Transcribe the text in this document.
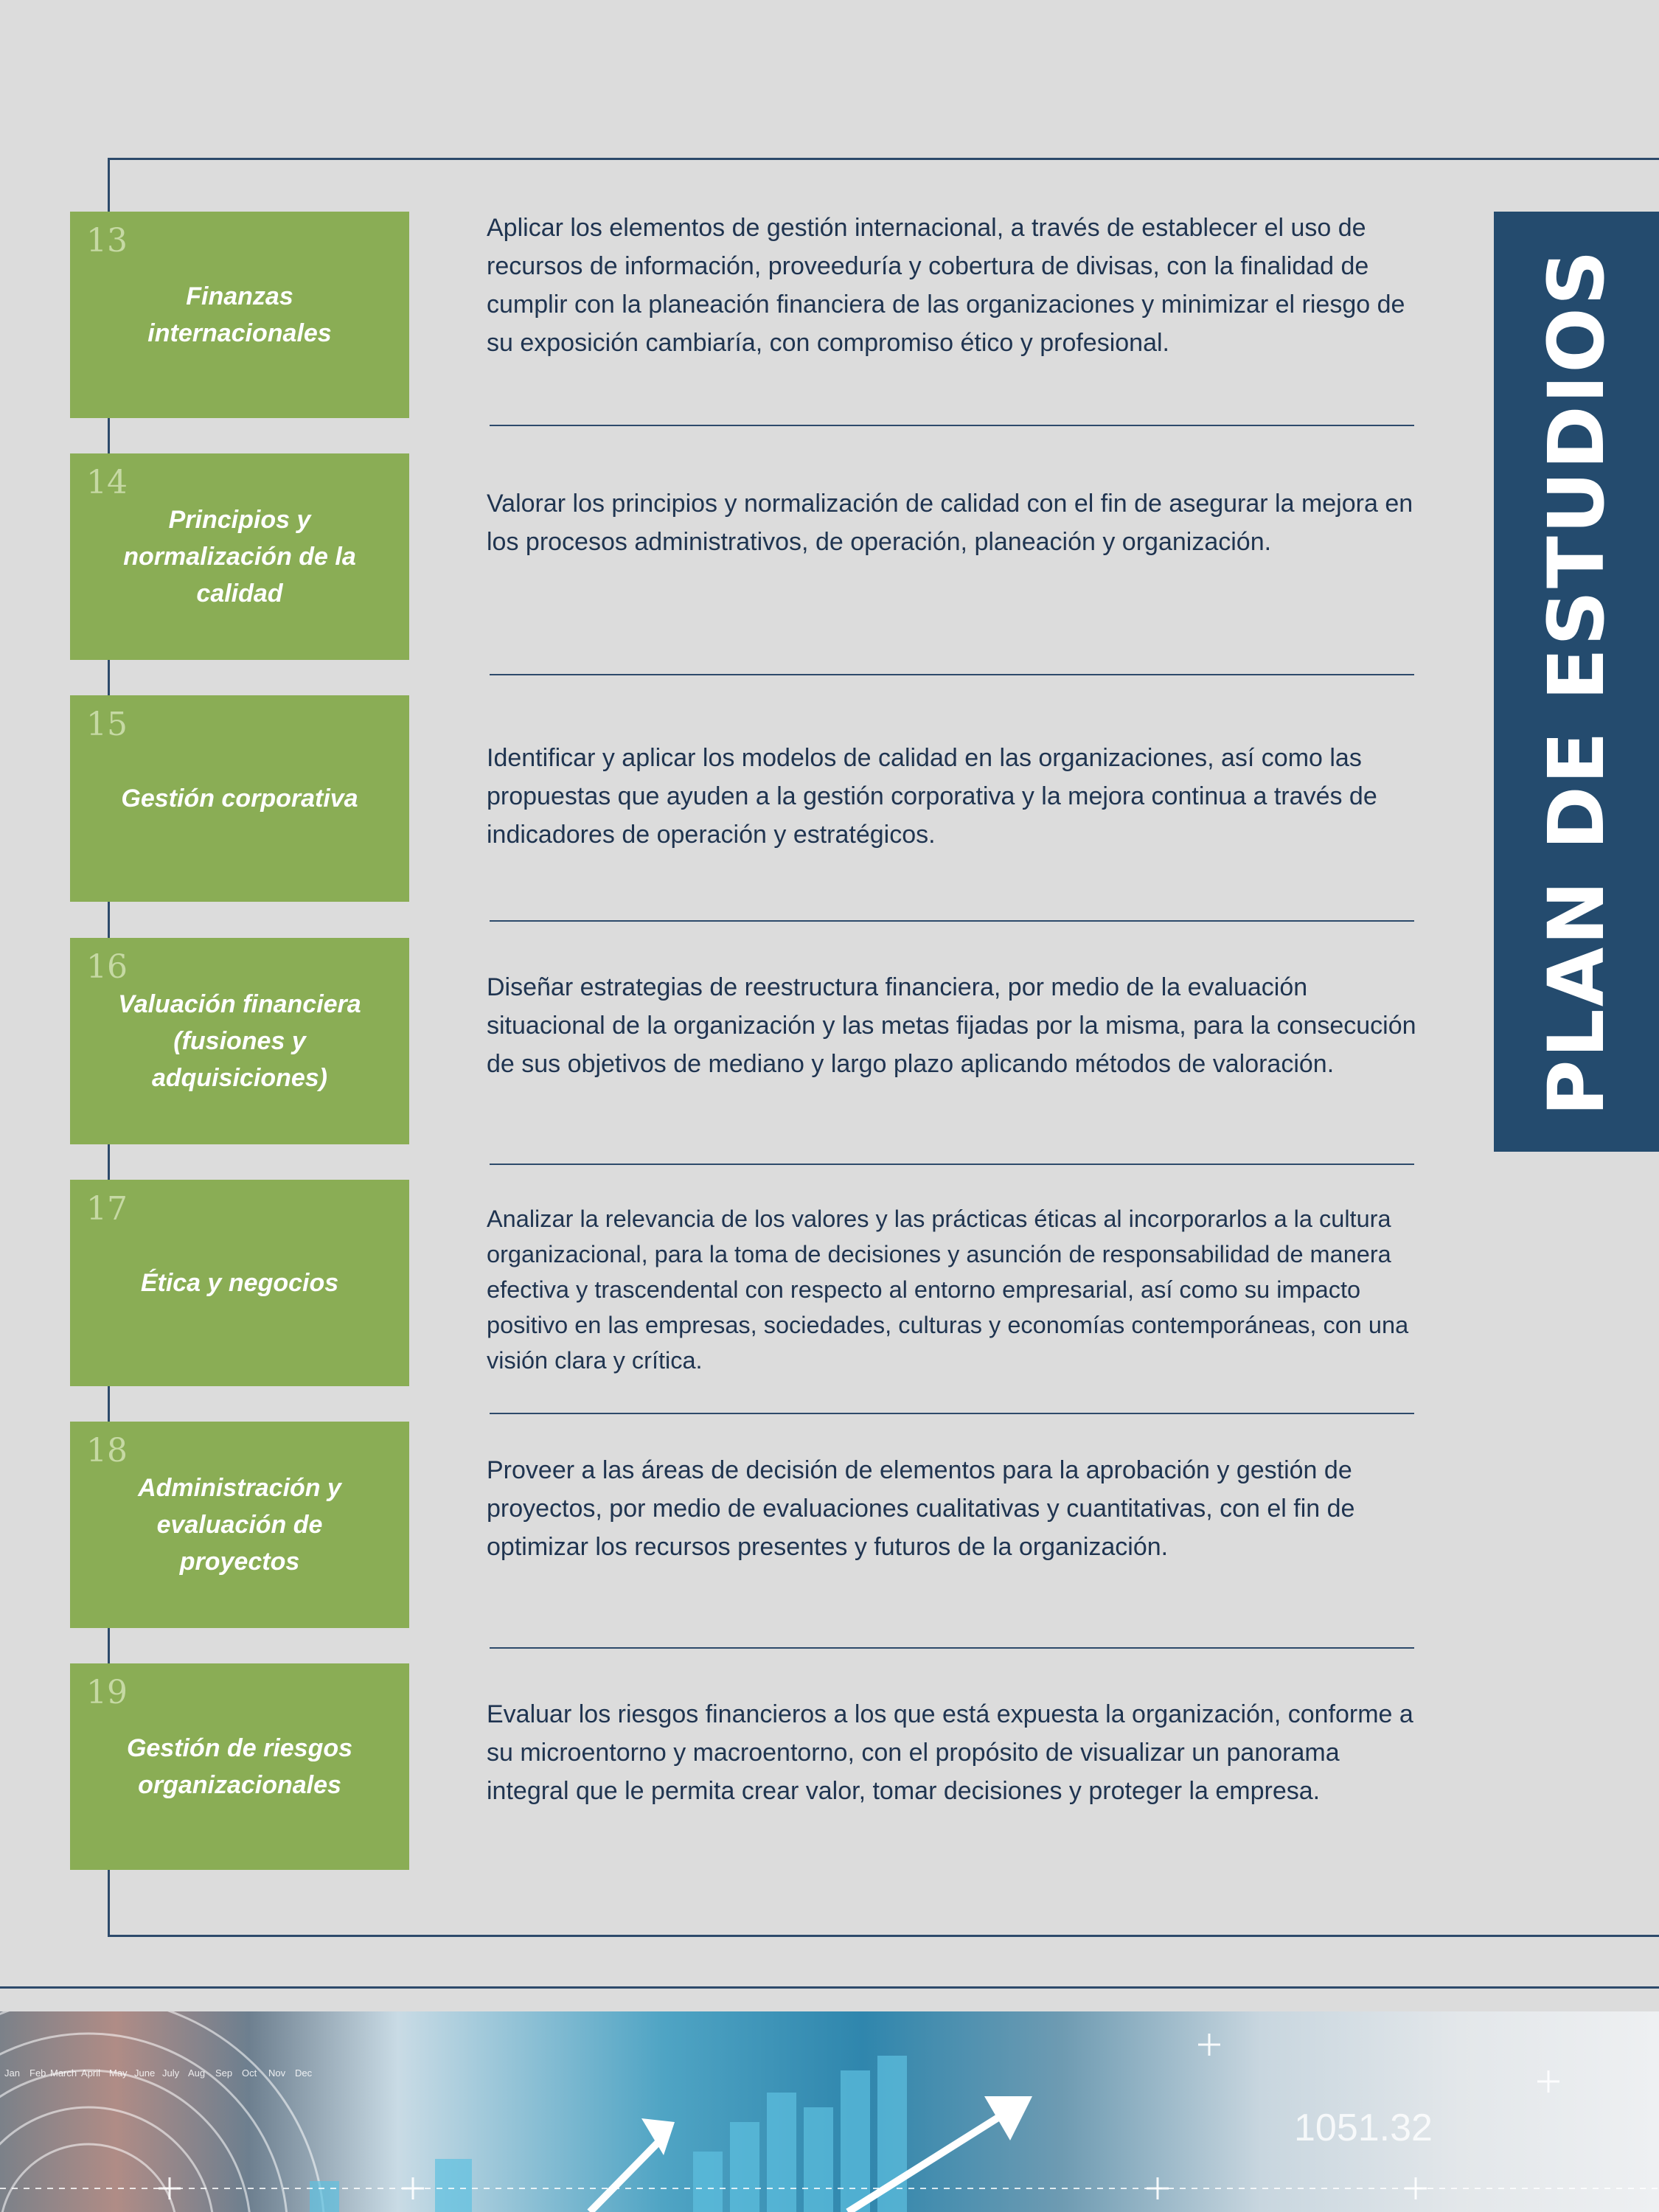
PLAN DE ESTUDIOS
13
Finanzas
internacionales
Aplicar los elementos de gestión internacional, a través de establecer el uso de recursos de información, proveeduría y cobertura de divisas, con la finalidad de cumplir con la planeación financiera de las organizaciones y minimizar el riesgo de su exposición cambiaría, con compromiso ético y profesional.
14
Principios y
normalización de la
calidad
Valorar los principios y normalización de calidad con el fin de asegurar la mejora en los procesos administrativos, de operación, planeación y organización.
15
Gestión corporativa
Identificar y aplicar los modelos de calidad en las organizaciones, así como las propuestas que ayuden a la gestión corporativa y la mejora continua a través de indicadores de operación y estratégicos.
16
Valuación financiera
(fusiones y
adquisiciones)
Diseñar estrategias de reestructura financiera, por medio de la evaluación situacional de la organización y las metas fijadas por la misma, para la consecución de sus objetivos de mediano y largo plazo aplicando métodos de valoración.
17
Ética y negocios
Analizar la relevancia de los valores y las prácticas éticas al incorporarlos a la cultura organizacional, para la toma de decisiones y asunción de responsabilidad de manera efectiva y trascendental con respecto al entorno empresarial, así como su impacto positivo en las empresas, sociedades, culturas y economías contemporáneas, con una visión clara y crítica.
18
Administración y
evaluación de
proyectos
Proveer a las áreas de decisión de elementos para la aprobación y gestión de proyectos, por medio de evaluaciones cualitativas y cuantitativas, con el fin de optimizar los recursos presentes y futuros de la organización.
19
Gestión de riesgos
organizacionales
Evaluar los riesgos financieros a los que está expuesta la organización, conforme a su microentorno y macroentorno, con el propósito de visualizar un panorama integral que le permita crear valor, tomar decisiones y proteger la empresa.
Jan Feb March April May June July Aug Sep Oct Nov Dec
1051.32
